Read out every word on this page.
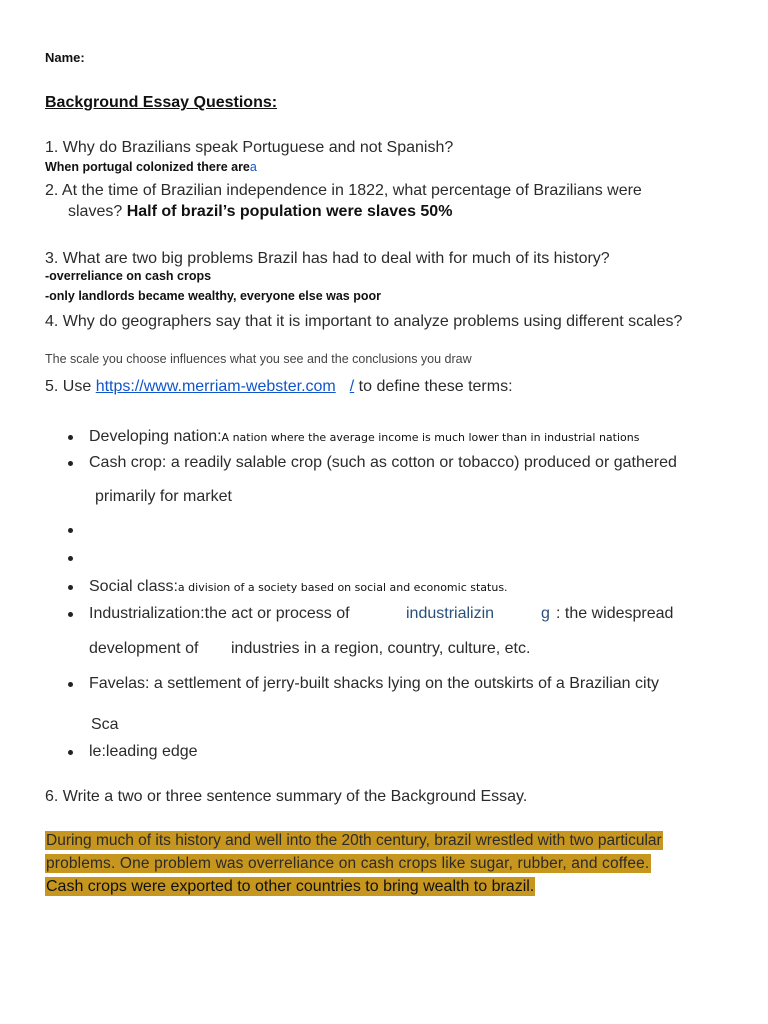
Name:
Background Essay Questions:
1. Why do Brazilians speak Portuguese and not Spanish?
When portugal colonized there area
2. At the time of Brazilian independence in 1822, what percentage of Brazilians were
slaves? Half of brazil’s population were slaves 50%
3. What are two big problems Brazil has had to deal with for much of its history?
-overreliance on cash crops
-only landlords became wealthy, everyone else was poor
4. Why do geographers say that it is important to analyze problems using different scales?
The scale you choose influences what you see and the conclusions you draw
5. Use https://www.merriam-webster.com / to define these terms:
Developing nation:A nation where the average income is much lower than in industrial nations
Cash crop: a readily salable crop (such as cotton or tobacco) produced or gathered
primarily for market
Social class:a division of a society based on social and economic status.
Industrialization:the act or process of	industrializin	g : the widespread
development of industries in a region, country, culture, etc.
Favelas: a settlement of jerry-built shacks lying on the outskirts of a Brazilian city
Sca
le:leading edge
6. Write a two or three sentence summary of the Background Essay.
During much of its history and well into the 20th century, brazil wrestled with two particular
problems. One problem was overreliance on cash crops like sugar, rubber, and coffee.
Cash crops were exported to other countries to bring wealth to brazil.
